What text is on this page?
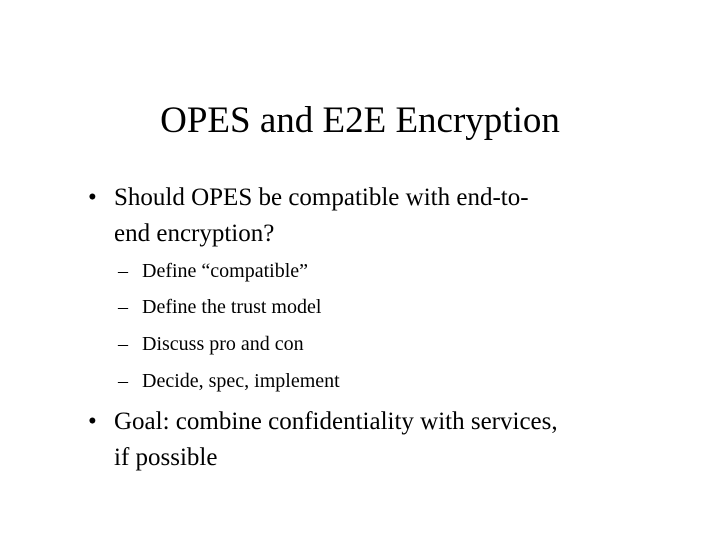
OPES and E2E Encryption
• Should OPES be compatible with end-to-
end encryption?
– Define “compatible”
– Define the trust model
– Discuss pro and con
– Decide, spec, implement
• Goal: combine confidentiality with services,
if possible
